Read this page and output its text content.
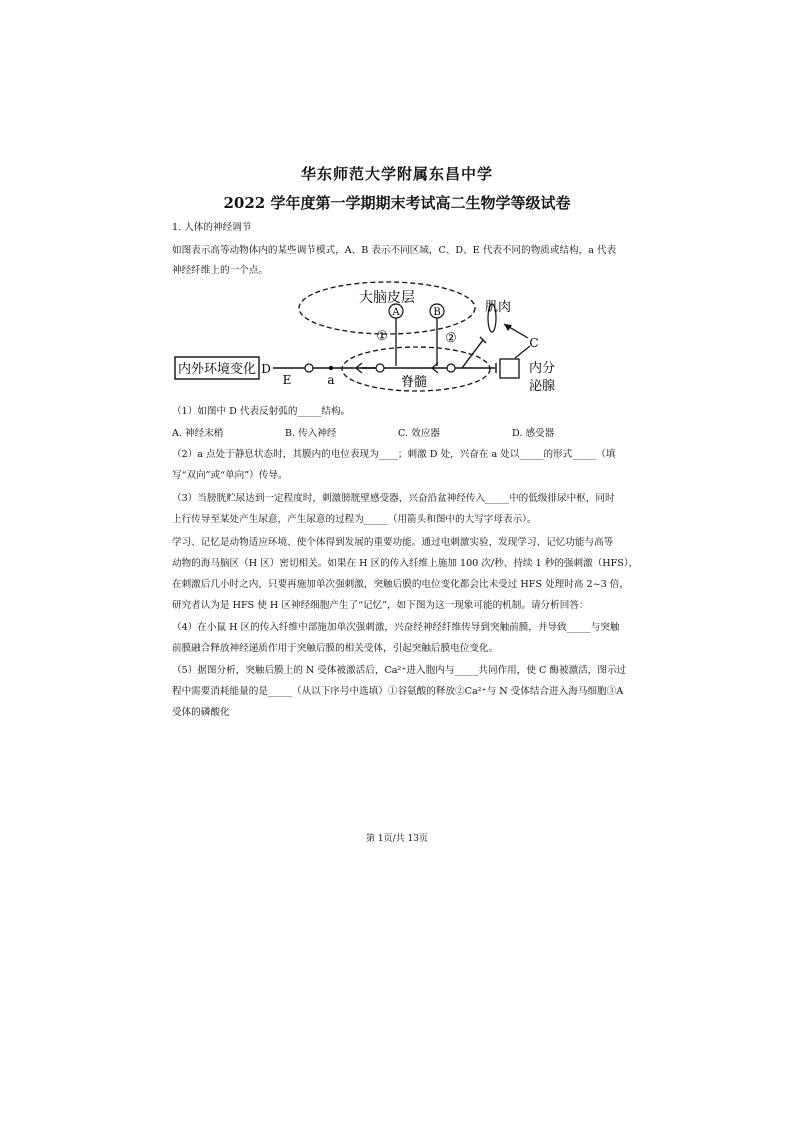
华东师范大学附属东昌中学
2022 学年度第一学期期末考试高二生物学等级试卷
1. 人体的神经调节
如图表示高等动物体内的某些调节模式，A、B 表示不同区域，C、D、E 代表不同的物质或结构，a 代表
神经纤维上的一个点。
大脑皮层
A	B
①	②
脊髓
内外环境变化 D
E	a
肌肉
内分
泌腺
C
（1）如图中 D 代表反射弧的_____结构。
A. 神经末梢	B. 传入神经	C. 效应器	D. 感受器
（2）a 点处于静息状态时，其膜内的电位表现为____；刺激 D 处，兴奋在 a 处以_____的形式_____（填
写“双向”或“单向”）传导。
（3）当膀胱贮尿达到一定程度时，刺激膀胱壁感受器，兴奋沿盆神经传入_____中的低级排尿中枢，同时
上行传导至某处产生尿意，产生尿意的过程为_____（用箭头和图中的大写字母表示）。
学习、记忆是动物适应环境、使个体得到发展的重要功能。通过电刺激实验，发现学习、记忆功能与高等
动物的海马脑区（H 区）密切相关。如果在 H 区的传入纤维上施加 100 次/秒、持续 1 秒的强刺激（HFS），
在刺激后几小时之内，只要再施加单次强刺激，突触后膜的电位变化都会比未受过 HFS 处理时高 2~3 倍，
研究者认为是 HFS 使 H 区神经细胞产生了“记忆”，如下图为这一现象可能的机制。请分析回答：
（4）在小鼠 H 区的传入纤维中部施加单次强刺激，兴奋经神经纤维传导到突触前膜，并导致_____与突触
前膜融合释放神经递质作用于突触后膜的相关受体，引起突触后膜电位变化。
（5）据图分析，突触后膜上的 N 受体被激活后，Ca²⁺进入胞内与_____共同作用，使 C 酶被激活，图示过
程中需要消耗能量的是_____（从以下序号中选填）①谷氨酸的释放②Ca²⁺与 N 受体结合进入海马细胞③A
受体的磷酸化
第 1页/共 13页
